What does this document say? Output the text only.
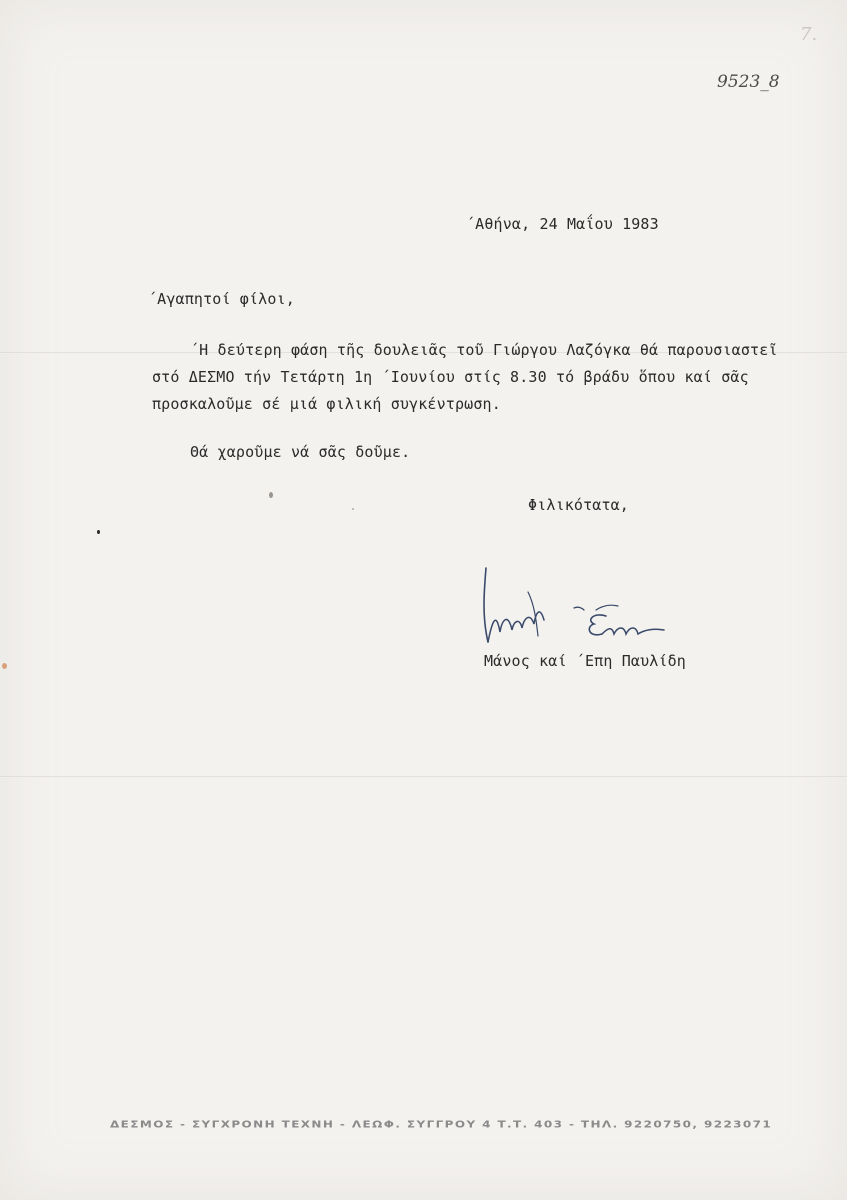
7.
9523_8
΄Αθήνα, 24 Μαΐου 1983
΄Αγαπητοί φίλοι,
΄Η δεύτερη φάση τῆς δουλειᾶς τοῦ Γιώργου Λαζόγκα θά παρουσιαστεῖ
στό ΔΕΣΜΟ τήν Τετάρτη 1η ΄Ιουνίου στίς 8.30 τό βράδυ ὅπου καί σᾶς
προσκαλοῦμε σέ μιά φιλική συγκέντρωση.
Θά χαροῦμε νά σᾶς δοῦμε.
Φιλικότατα,
Μάνος καί ΄Επη Παυλίδη
ΔΕΣΜΟΣ - ΣΥΓΧΡΟΝΗ ΤΕΧΝΗ - ΛΕΩΦ. ΣΥΓΓΡΟΥ 4 Τ.Τ. 403 - ΤΗΛ. 9220750, 9223071
